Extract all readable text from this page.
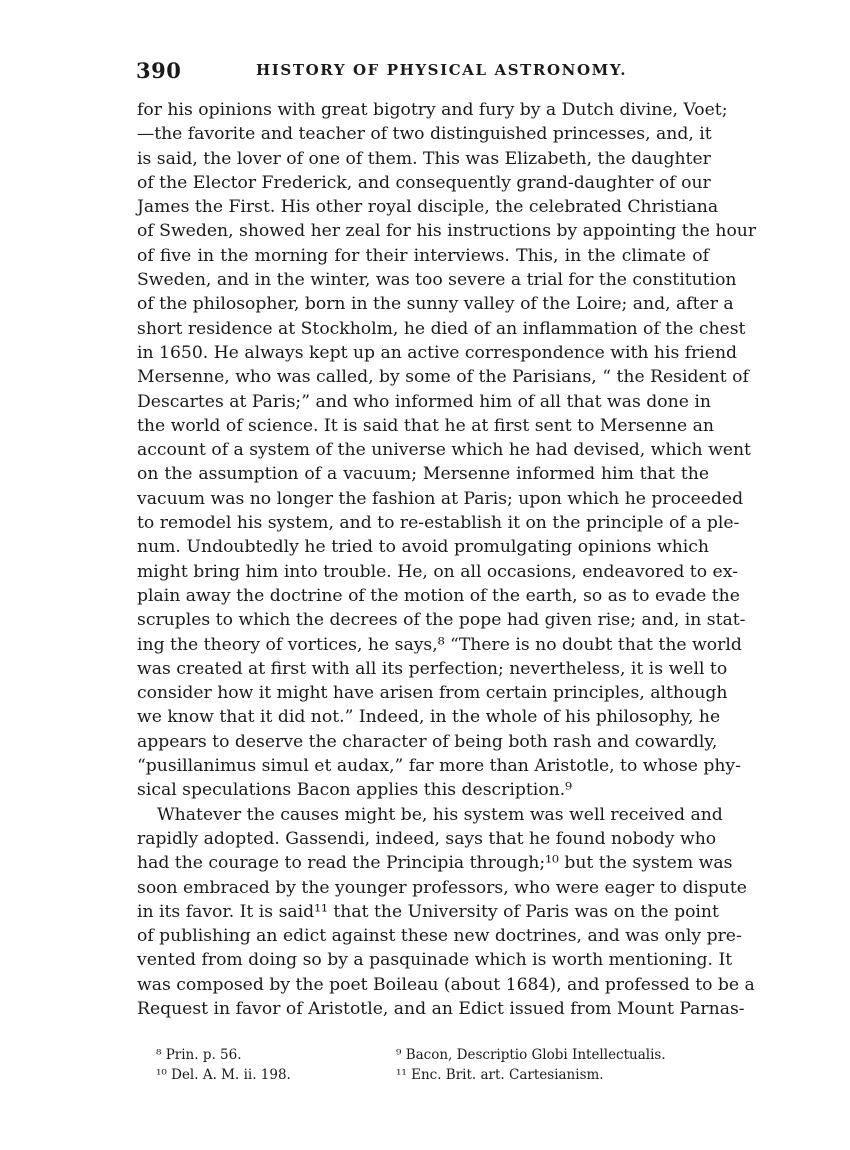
390	HISTORY OF PHYSICAL ASTRONOMY.
for his opinions with great bigotry and fury by a Dutch divine, Voet;
—the favorite and teacher of two distinguished princesses, and, it
is said, the lover of one of them. This was Elizabeth, the daughter
of the Elector Frederick, and consequently grand-daughter of our
James the First. His other royal disciple, the celebrated Christiana
of Sweden, showed her zeal for his instructions by appointing the hour
of five in the morning for their interviews. This, in the climate of
Sweden, and in the winter, was too severe a trial for the constitution
of the philosopher, born in the sunny valley of the Loire; and, after a
short residence at Stockholm, he died of an inflammation of the chest
in 1650. He always kept up an active correspondence with his friend
Mersenne, who was called, by some of the Parisians, “ the Resident of
Descartes at Paris;” and who informed him of all that was done in
the world of science. It is said that he at first sent to Mersenne an
account of a system of the universe which he had devised, which went
on the assumption of a vacuum; Mersenne informed him that the
vacuum was no longer the fashion at Paris; upon which he proceeded
to remodel his system, and to re-establish it on the principle of a ple-
num. Undoubtedly he tried to avoid promulgating opinions which
might bring him into trouble. He, on all occasions, endeavored to ex-
plain away the doctrine of the motion of the earth, so as to evade the
scruples to which the decrees of the pope had given rise; and, in stat-
ing the theory of vortices, he says,⁸ “There is no doubt that the world
was created at first with all its perfection; nevertheless, it is well to
consider how it might have arisen from certain principles, although
we know that it did not.” Indeed, in the whole of his philosophy, he
appears to deserve the character of being both rash and cowardly,
“pusillanimus simul et audax,” far more than Aristotle, to whose phy-
sical speculations Bacon applies this description.⁹
Whatever the causes might be, his system was well received and
rapidly adopted. Gassendi, indeed, says that he found nobody who
had the courage to read the Principia through;¹⁰ but the system was
soon embraced by the younger professors, who were eager to dispute
in its favor. It is said¹¹ that the University of Paris was on the point
of publishing an edict against these new doctrines, and was only pre-
vented from doing so by a pasquinade which is worth mentioning. It
was composed by the poet Boileau (about 1684), and professed to be a
Request in favor of Aristotle, and an Edict issued from Mount Parnas-
⁸ Prin. p. 56.
¹⁰ Del. A. M. ii. 198.
⁹ Bacon, Descriptio Globi Intellectualis.
¹¹ Enc. Brit. art. Cartesianism.
